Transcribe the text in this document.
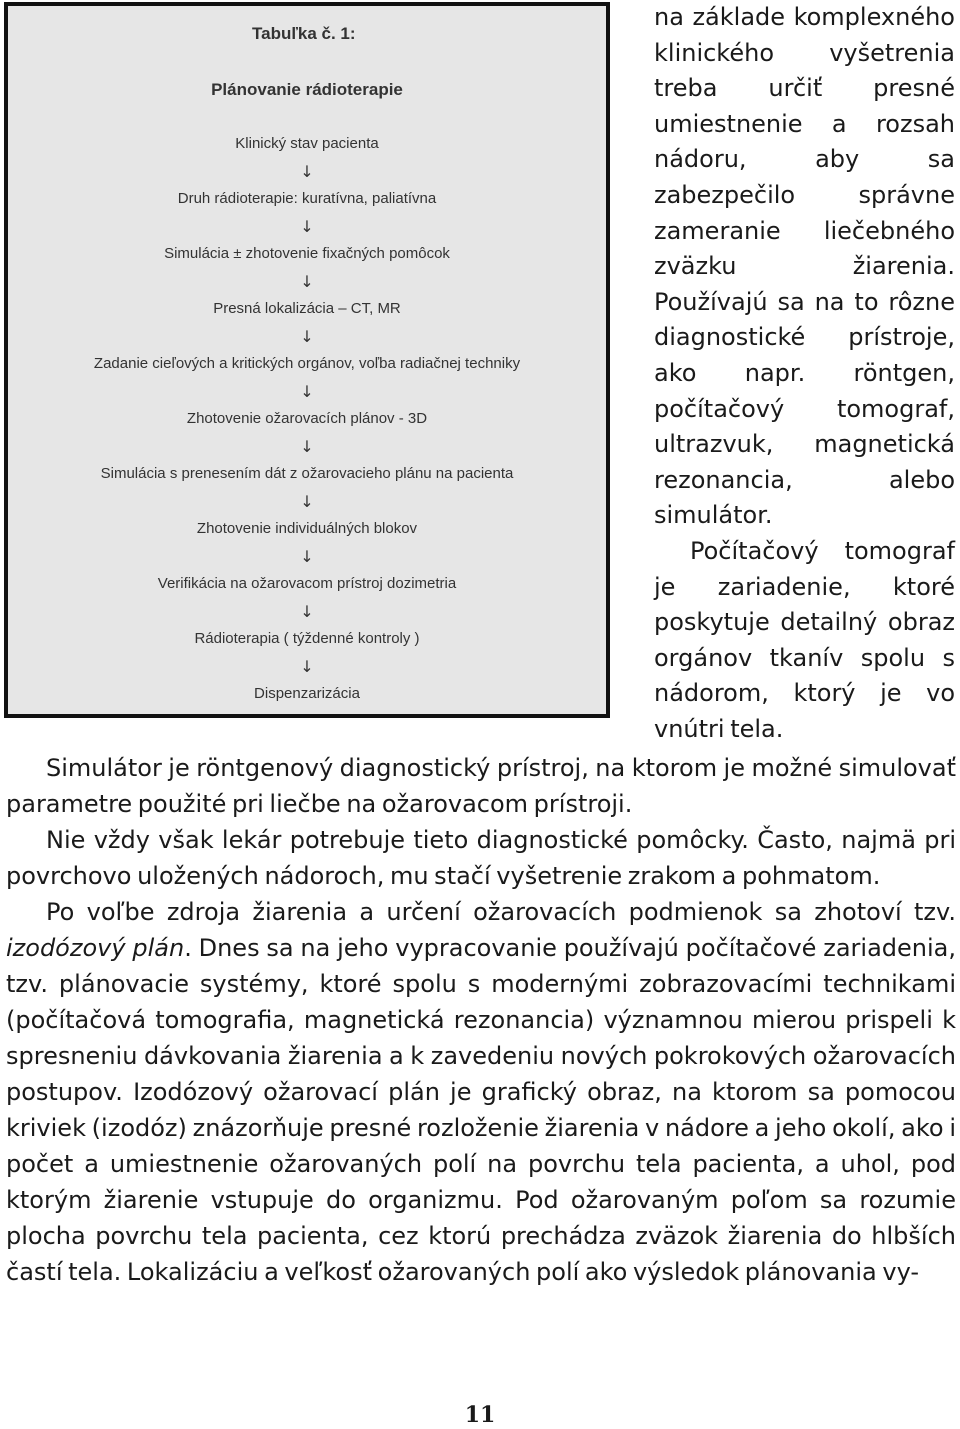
Tabuľka č. 1:
Plánovanie rádioterapie
Klinický stav pacienta
↓
Druh rádioterapie: kuratívna, paliatívna
↓
Simulácia ± zhotovenie fixačných pomôcok
↓
Presná lokalizácia – CT, MR
↓
Zadanie cieľových a kritických orgánov, voľba radiačnej techniky
↓
Zhotovenie ožarovacích plánov - 3D
↓
Simulácia s prenesením dát z ožarovacieho plánu na pacienta
↓
Zhotovenie individuálných blokov
↓
Verifikácia na ožarovacom prístroj dozimetria
↓
Rádioterapia ( týždenné kontroly )
↓
Dispenzarizácia

na základe komplexného klinického vyšetrenia treba určiť presné umiestnenie a rozsah nádoru, aby sa zabezpečilo správne zameranie liečebného zväzku žiarenia. Používajú sa na to rôzne diagnostické prístroje, ako napr. röntgen, počítačový tomograf, ultrazvuk, magnetická rezonancia, alebo simulátor.

Počítačový tomograf je zariadenie, ktoré poskytuje detailný obraz orgánov tkanív spolu s nádorom, ktorý je vo vnútri tela.

Simulátor je röntgenový diagnostický prístroj, na ktorom je možné simulovať parametre použité pri liečbe na ožarovacom prístroji.

Nie vždy však lekár potrebuje tieto diagnostické pomôcky. Často, najmä pri povrchovo uložených nádoroch, mu stačí vyšetrenie zrakom a pohmatom.

Po voľbe zdroja žiarenia a určení ožarovacích podmienok sa zhotoví tzv. izodózový plán. Dnes sa na jeho vypracovanie používajú počítačové zariadenia, tzv. plánovacie systémy, ktoré spolu s modernými zobrazovacími technikami (počítačová tomografia, magnetická rezonancia) významnou mierou prispeli k spresneniu dávkovania žiarenia a k zavedeniu nových pokrokových ožarovacích postupov. Izodózový ožarovací plán je grafický obraz, na ktorom sa pomocou kriviek (izodóz) znázorňuje presné rozloženie žiarenia v nádore a jeho okolí, ako i počet a umiestnenie ožarovaných polí na povrchu tela pacienta, a uhol, pod ktorým žiarenie vstupuje do organizmu. Pod ožarovaným poľom sa rozumie plocha povrchu tela pacienta, cez ktorú prechádza zväzok žiarenia do hlbších častí tela. Lokalizáciu a veľkosť ožarovaných polí ako výsledok plánovania vy-

11
